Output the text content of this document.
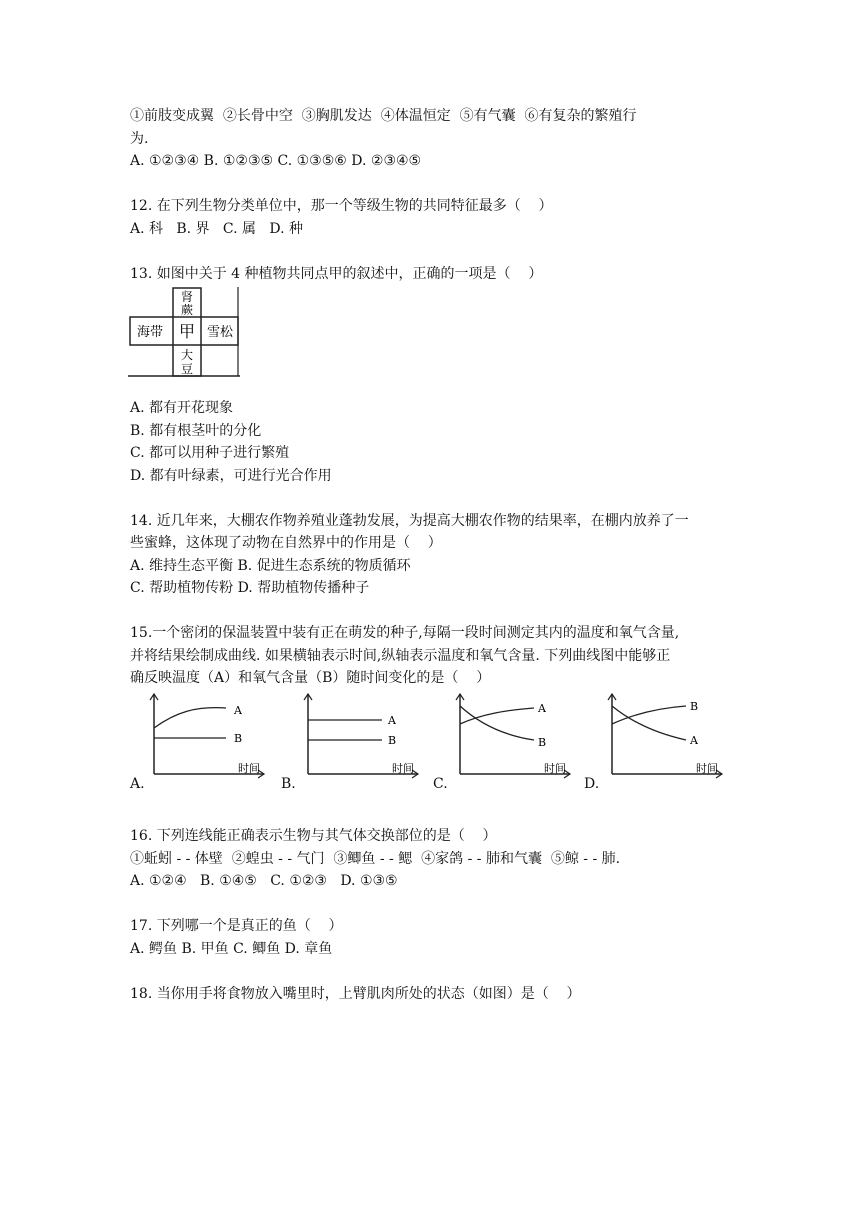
①前肢变成翼  ②长骨中空  ③胸肌发达  ④体温恒定  ⑤有气囊  ⑥有复杂的繁殖行
为.
A. ①②③④ B. ①②③⑤ C. ①③⑤⑥ D. ②③④⑤
12. 在下列生物分类单位中，那一个等级生物的共同特征最多（    ）
A. 科   B. 界   C. 属   D. 种
13. 如图中关于 4 种植物共同点甲的叙述中，正确的一项是（    ）
肾
蕨
海带 甲 雪松
大
豆
A. 都有开花现象
B. 都有根茎叶的分化
C. 都可以用种子进行繁殖
D. 都有叶绿素，可进行光合作用
14. 近几年来，大棚农作物养殖业蓬勃发展，为提高大棚农作物的结果率，在棚内放养了一
些蜜蜂，这体现了动物在自然界中的作用是（    ）
A. 维持生态平衡 B. 促进生态系统的物质循环
C. 帮助植物传粉 D. 帮助植物传播种子
15.一个密闭的保温装置中装有正在萌发的种子,每隔一段时间测定其内的温度和氧气含量,
并将结果绘制成曲线. 如果横轴表示时间,纵轴表示温度和氧气含量. 下列曲线图中能够正
确反映温度（A）和氧气含量（B）随时间变化的是（    ）
A.
A
B
时间
B.
A
B
时间
C.
A
B
时间
D.
B
A
时间
16. 下列连线能正确表示生物与其气体交换部位的是（    ）
①蚯蚓 - - 体壁  ②蝗虫 - - 气门  ③鲫鱼 - - 鳃  ④家鸽 - - 肺和气囊  ⑤鲸 - - 肺.
A. ①②④   B. ①④⑤   C. ①②③   D. ①③⑤
17. 下列哪一个是真正的鱼（    ）
A. 鳄鱼 B. 甲鱼 C. 鲫鱼 D. 章鱼
18. 当你用手将食物放入嘴里时，上臂肌肉所处的状态（如图）是（    ）
